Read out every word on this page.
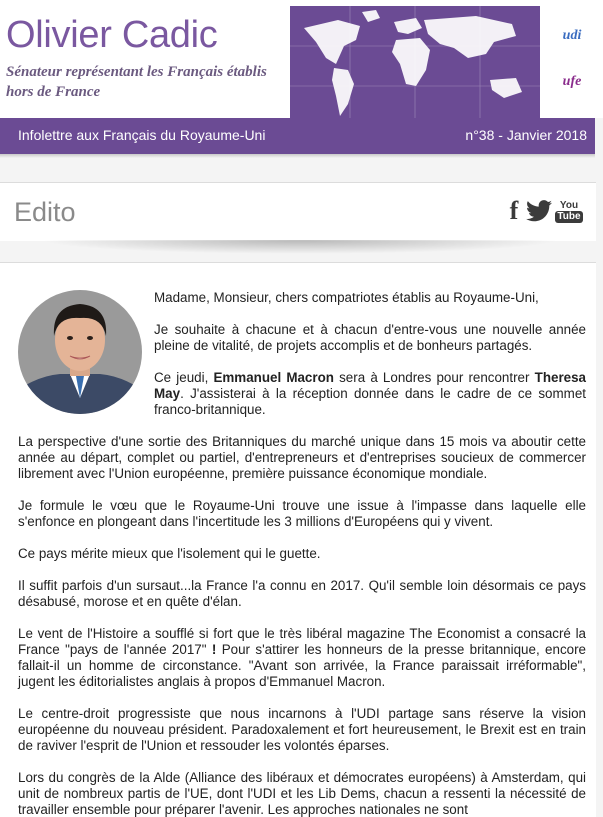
Olivier Cadic
Sénateur représentant les Français établis hors de France
udi
ufe
Infolettre aux Français du Royaume-Uni	n°38 - Janvier 2018
Edito	f	You
Tube

Madame, Monsieur, chers compatriotes établis au Royaume-Uni,

Je souhaite à chacune et à chacun d'entre-vous une nouvelle année pleine de vitalité, de projets accomplis et de bonheurs partagés.

Ce jeudi, Emmanuel Macron sera à Londres pour rencontrer Theresa May. J'assisterai à la réception donnée dans le cadre de ce sommet franco-britannique.

La perspective d'une sortie des Britanniques du marché unique dans 15 mois va aboutir cette année au départ, complet ou partiel, d'entrepreneurs et d'entreprises soucieux de commercer librement avec l'Union européenne, première puissance économique mondiale.

Je formule le vœu que le Royaume-Uni trouve une issue à l'impasse dans laquelle elle s'enfonce en plongeant dans l'incertitude les 3 millions d'Européens qui y vivent.

Ce pays mérite mieux que l'isolement qui le guette.

Il suffit parfois d'un sursaut...la France l'a connu en 2017. Qu'il semble loin désormais ce pays désabusé, morose et en quête d'élan.

Le vent de l'Histoire a soufflé si fort que le très libéral magazine The Economist a consacré la France "pays de l'année 2017" ! Pour s'attirer les honneurs de la presse britannique, encore fallait-il un homme de circonstance. "Avant son arrivée, la France paraissait irréformable", jugent les éditorialistes anglais à propos d'Emmanuel Macron.

Le centre-droit progressiste que nous incarnons à l'UDI partage sans réserve la vision européenne du nouveau président. Paradoxalement et fort heureusement, le Brexit est en train de raviver l'esprit de l'Union et ressouder les volontés éparses.

Lors du congrès de la Alde (Alliance des libéraux et démocrates européens) à Amsterdam, qui unit de nombreux partis de l'UE, dont l'UDI et les Lib Dems, chacun a ressenti la nécessité de travailler ensemble pour préparer l'avenir. Les approches nationales ne sont
